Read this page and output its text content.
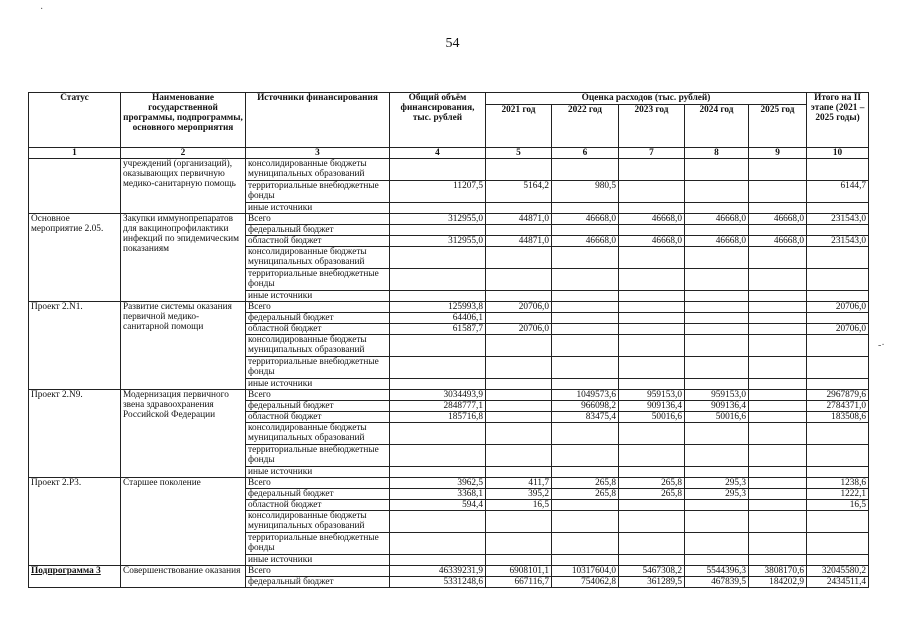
54
Статус	Наименование государственной программы, подпрограммы, основного мероприятия	Источники финансирования	Общий объём финансирования, тыс. рублей	Оценка расходов (тыс. рублей)					Итого на II этапе (2021 – 2025 годы)
				2021 год	2022 год	2023 год	2024 год	2025 год	
1	2	3	4	5	6	7	8	9	10
	учреждений (организаций), оказывающих первичную медико-санитарную помощь	консолидированные бюджеты муниципальных образований							
		территориальные внебюджетные фонды	11207,5	5164,2	980,5				6144,7
		иные источники							
Основное мероприятие 2.05.	Закупки иммунопрепаратов для вакцинопрофилактики инфекций по эпидемическим показаниям	Всего	312955,0	44871,0	46668,0	46668,0	46668,0	46668,0	231543,0
		федеральный бюджет							
		областной бюджет	312955,0	44871,0	46668,0	46668,0	46668,0	46668,0	231543,0
		консолидированные бюджеты муниципальных образований							
		территориальные внебюджетные фонды							
		иные источники							
Проект 2.N1.	Развитие системы оказания первичной медико-санитарной помощи	Всего	125993,8	20706,0					20706,0
		федеральный бюджет	64406,1						
		областной бюджет	61587,7	20706,0					20706,0
		консолидированные бюджеты муниципальных образований							
		территориальные внебюджетные фонды							
		иные источники							
Проект 2.N9.	Модернизация первичного звена здравоохранения Российской Федерации	Всего	3034493,9		1049573,6	959153,0	959153,0		2967879,6
		федеральный бюджет	2848777,1		966098,2	909136,4	909136,4		2784371,0
		областной бюджет	185716,8		83475,4	50016,6	50016,6		183508,6
		консолидированные бюджеты муниципальных образований							
		территориальные внебюджетные фонды							
		иные источники							
Проект 2.Р3.	Старшее поколение	Всего	3962,5	411,7	265,8	265,8	295,3		1238,6
		федеральный бюджет	3368,1	395,2	265,8	265,8	295,3		1222,1
		областной бюджет	594,4	16,5					16,5
		консолидированные бюджеты муниципальных образований							
		территориальные внебюджетные фонды							
		иные источники							
Подпрограмма 3	Совершенствование оказания	Всего	46339231,9	6908101,1	10317604,0	5467308,2	5544396,3	3808170,6	32045580,2
		федеральный бюджет	5331248,6	667116,7	754062,8	361289,5	467839,5	184202,9	2434511,4
·
-·
